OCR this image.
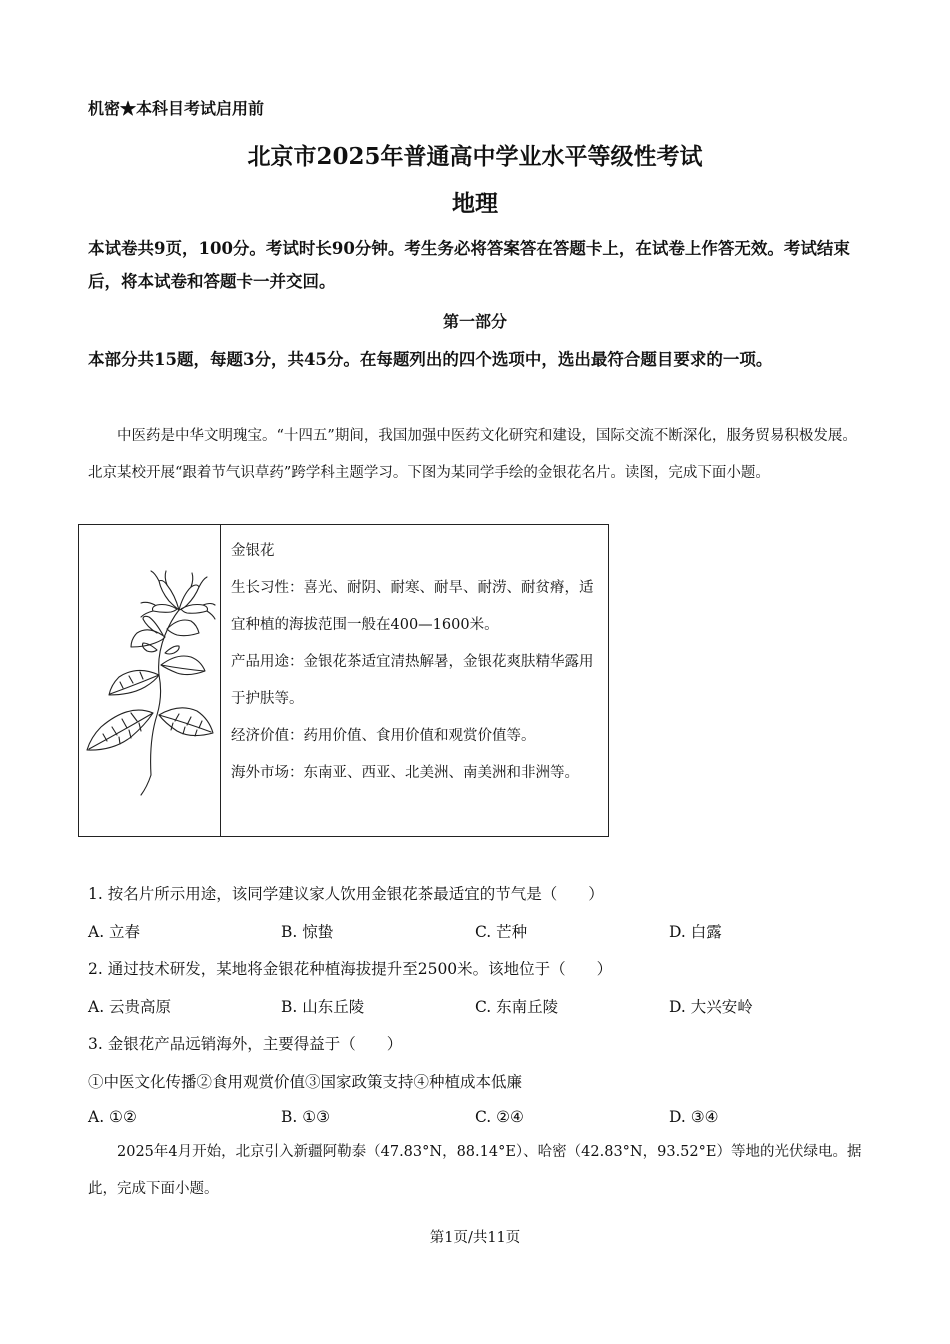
机密★本科目考试启用前
北京市2025年普通高中学业水平等级性考试
地理
本试卷共9页，100分。考试时长90分钟。考生务必将答案答在答题卡上，在试卷上作答无效。考试结束后，将本试卷和答题卡一并交回。
第一部分
本部分共15题，每题3分，共45分。在每题列出的四个选项中，选出最符合题目要求的一项。
中医药是中华文明瑰宝。“十四五”期间，我国加强中医药文化研究和建设，国际交流不断深化，服务贸易积极发展。北京某校开展“跟着节气识草药”跨学科主题学习。下图为某同学手绘的金银花名片。读图，完成下面小题。
金银花
生长习性：喜光、耐阴、耐寒、耐旱、耐涝、耐贫瘠，适宜种植的海拔范围一般在400—1600米。
产品用途：金银花茶适宜清热解暑，金银花爽肤精华露用于护肤等。
经济价值：药用价值、食用价值和观赏价值等。
海外市场：东南亚、西亚、北美洲、南美洲和非洲等。
1. 按名片所示用途，该同学建议家人饮用金银花茶最适宜的节气是（　　）
A. 立春	B. 惊蛰	C. 芒种	D. 白露
2. 通过技术研发，某地将金银花种植海拔提升至2500米。该地位于（　　）
A. 云贵高原	B. 山东丘陵	C. 东南丘陵	D. 大兴安岭
3. 金银花产品远销海外，主要得益于（　　）
①中医文化传播②食用观赏价值③国家政策支持④种植成本低廉
A. ①②	B. ①③	C. ②④	D. ③④
2025年4月开始，北京引入新疆阿勒泰（47.83°N，88.14°E）、哈密（42.83°N，93.52°E）等地的光伏绿电。据此，完成下面小题。
第1页/共11页
